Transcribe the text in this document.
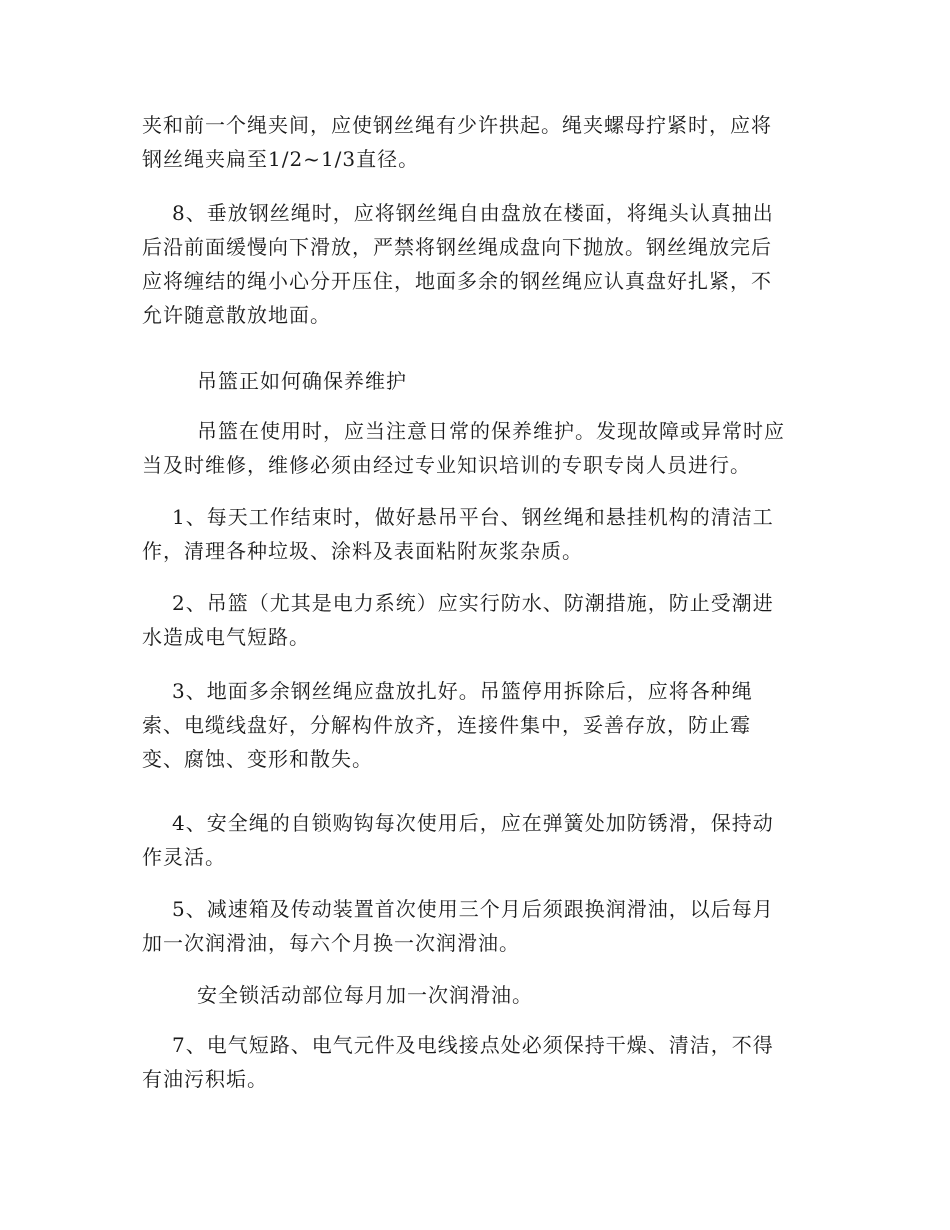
夹和前一个绳夹间，应使钢丝绳有少许拱起。绳夹螺母拧紧时，应将
钢丝绳夹扁至1/2~1/3直径。
8、垂放钢丝绳时，应将钢丝绳自由盘放在楼面，将绳头认真抽出
后沿前面缓慢向下滑放，严禁将钢丝绳成盘向下抛放。钢丝绳放完后
应将缠结的绳小心分开压住，地面多余的钢丝绳应认真盘好扎紧，不
允许随意散放地面。
吊篮正如何确保养维护
吊篮在使用时，应当注意日常的保养维护。发现故障或异常时应
当及时维修，维修必须由经过专业知识培训的专职专岗人员进行。
1、每天工作结束时，做好悬吊平台、钢丝绳和悬挂机构的清洁工
作，清理各种垃圾、涂料及表面粘附灰浆杂质。
2、吊篮（尤其是电力系统）应实行防水、防潮措施，防止受潮进
水造成电气短路。
3、地面多余钢丝绳应盘放扎好。吊篮停用拆除后，应将各种绳
索、电缆线盘好，分解构件放齐，连接件集中，妥善存放，防止霉
变、腐蚀、变形和散失。
4、安全绳的自锁购钩每次使用后，应在弹簧处加防锈滑，保持动
作灵活。
5、减速箱及传动装置首次使用三个月后须跟换润滑油，以后每月
加一次润滑油，每六个月换一次润滑油。
安全锁活动部位每月加一次润滑油。
7、电气短路、电气元件及电线接点处必须保持干燥、清洁，不得
有油污积垢。
